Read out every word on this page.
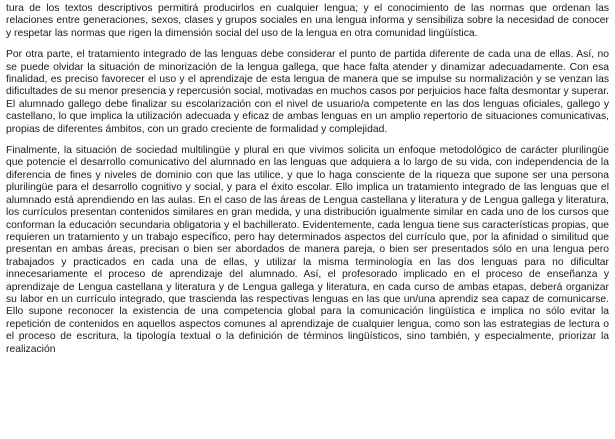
tura de los textos descriptivos permitirá producirlos en cualquier lengua; y el conocimiento de las normas que ordenan las relaciones entre generaciones, sexos, clases y grupos sociales en una lengua informa y sensibiliza sobre la necesidad de conocer y respetar las normas que rigen la dimensión social del uso de la lengua en otra comunidad lingüística.

Por otra parte, el tratamiento integrado de las lenguas debe considerar el punto de partida diferente de cada una de ellas. Así, no se puede olvidar la situación de minorización de la lengua gallega, que hace falta atender y dinamizar adecuadamente. Con esa finalidad, es preciso favorecer el uso y el aprendizaje de esta lengua de manera que se impulse su normalización y se venzan las dificultades de su menor presencia y repercusión social, motivadas en muchos casos por perjuicios hace falta desmontar y superar. El alumnado gallego debe finalizar su escolarización con el nivel de usuario/a competente en las dos lenguas oficiales, gallego y castellano, lo que implica la utilización adecuada y eficaz de ambas lenguas en un amplio repertorio de situaciones comunicativas, propias de diferentes ámbitos, con un grado creciente de formalidad y complejidad.

Finalmente, la situación de sociedad multilingüe y plural en que vivimos solicita un enfoque metodológico de carácter plurilingüe que potencie el desarrollo comunicativo del alumnado en las lenguas que adquiera a lo largo de su vida, con independencia de la diferencia de fines y niveles de dominio con que las utilice, y que lo haga consciente de la riqueza que supone ser una persona plurilingüe para el desarrollo cognitivo y social, y para el éxito escolar. Ello implica un tratamiento integrado de las lenguas que el alumnado está aprendiendo en las aulas. En el caso de las áreas de Lengua castellana y literatura y de Lengua gallega y literatura, los currículos presentan contenidos similares en gran medida, y una distribución igualmente similar en cada uno de los cursos que conforman la educación secundaria obligatoria y el bachillerato. Evidentemente, cada lengua tiene sus características propias, que requieren un tratamiento y un trabajo específico, pero hay determinados aspectos del currículo que, por la afinidad o similitud que presentan en ambas áreas, precisan o bien ser abordados de manera pareja, o bien ser presentados sólo en una lengua pero trabajados y practicados en cada una de ellas, y utilizar la misma terminología en las dos lenguas para no dificultar innecesariamente el proceso de aprendizaje del alumnado. Así, el profesorado implicado en el proceso de enseñanza y aprendizaje de Lengua castellana y literatura y de Lengua gallega y literatura, en cada curso de ambas etapas, deberá organizar su labor en un currículo integrado, que trascienda las respectivas lenguas en las que un/una aprendiz sea capaz de comunicarse. Ello supone reconocer la existencia de una competencia global para la comunicación lingüística e implica no sólo evitar la repetición de contenidos en aquellos aspectos comunes al aprendizaje de cualquier lengua, como son las estrategias de lectura o el proceso de escritura, la tipología textual o la definición de términos lingüísticos, sino también, y especialmente, priorizar la realización
